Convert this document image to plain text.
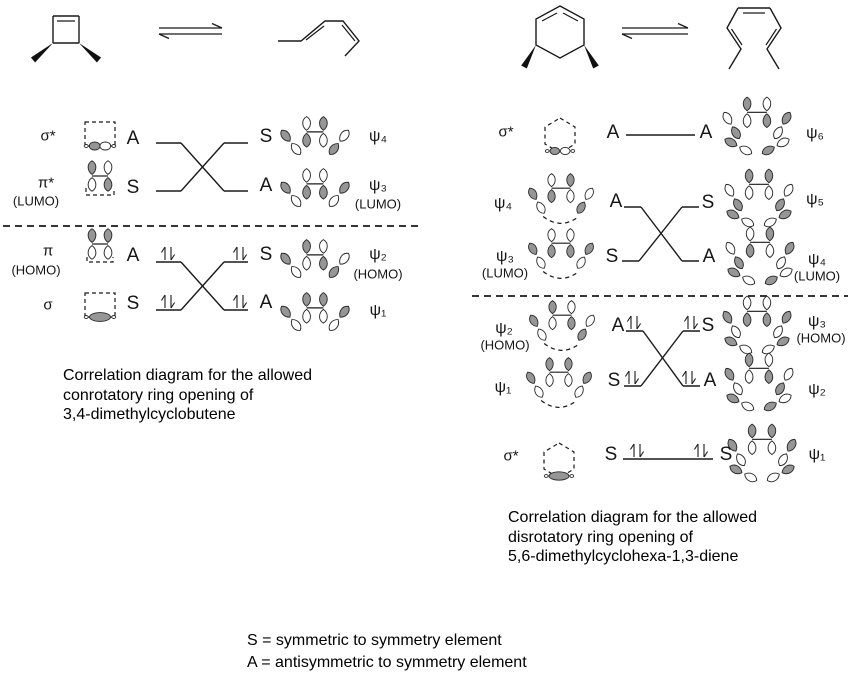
σ*
π*
(LUMO)
π
(HOMO)
σ
A
S
A
S
S
A
S
A
ψ₄
ψ₃
(LUMO)
ψ₂
(HOMO)
ψ₁
σ*
ψ₄
ψ₃
(LUMO)
ψ₂
(HOMO)
ψ₁
σ*
A
A
S
A
S
S
A
S
A
S
A
S
ψ₆
ψ₅
ψ₄
(LUMO)
ψ₃
(HOMO)
ψ₂
ψ₁
Correlation diagram for the allowed
conrotatory ring opening of
3,4-dimethylcyclobutene
Correlation diagram for the allowed
disrotatory ring opening of
5,6-dimethylcyclohexa-1,3-diene
S = symmetric to symmetry element
A = antisymmetric to symmetry element
